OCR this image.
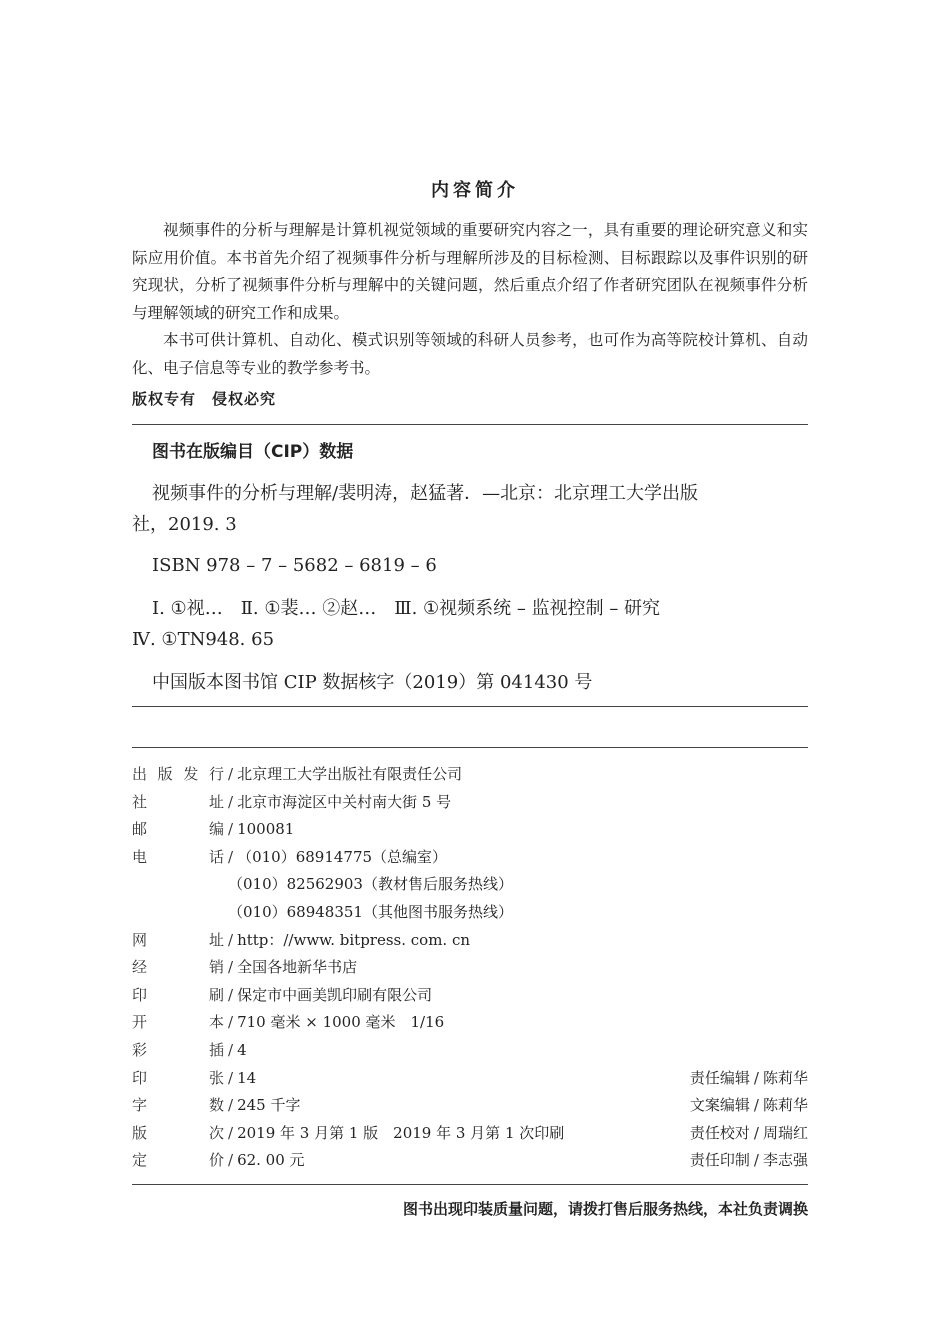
内容简介

视频事件的分析与理解是计算机视觉领域的重要研究内容之一，具有重要的理论研究意义和实际应用价值。本书首先介绍了视频事件分析与理解所涉及的目标检测、目标跟踪以及事件识别的研究现状，分析了视频事件分析与理解中的关键问题，然后重点介绍了作者研究团队在视频事件分析与理解领域的研究工作和成果。

本书可供计算机、自动化、模式识别等领域的科研人员参考，也可作为高等院校计算机、自动化、电子信息等专业的教学参考书。

版权专有　侵权必究
图书在版编目（CIP）数据
视频事件的分析与理解/裴明涛，赵猛著．—北京：北京理工大学出版
社，2019. 3
ISBN 978 – 7 – 5682 – 6819 – 6
Ⅰ. ①视…　Ⅱ. ①裴… ②赵…　Ⅲ. ①视频系统 – 监视控制 – 研究
Ⅳ. ①TN948. 65
中国版本图书馆 CIP 数据核字（2019）第 041430 号
出 版 发 行 / 北京理工大学出版社有限责任公司
社	址 / 北京市海淀区中关村南大街 5 号
邮	编 / 100081
电	话 / （010）68914775（总编室）
（010）82562903（教材售后服务热线）
（010）68948351（其他图书服务热线）
网	址 / http：//www. bitpress. com. cn
经	销 / 全国各地新华书店
印	刷 / 保定市中画美凯印刷有限公司
开	本 / 710 毫米 × 1000 毫米　1/16
彩	插 / 4
印	张 / 14	责任编辑 / 陈莉华
字	数 / 245 千字	文案编辑 / 陈莉华
版	次 / 2019 年 3 月第 1 版　2019 年 3 月第 1 次印刷	责任校对 / 周瑞红
定	价 / 62. 00 元	责任印制 / 李志强
图书出现印装质量问题，请拨打售后服务热线，本社负责调换
